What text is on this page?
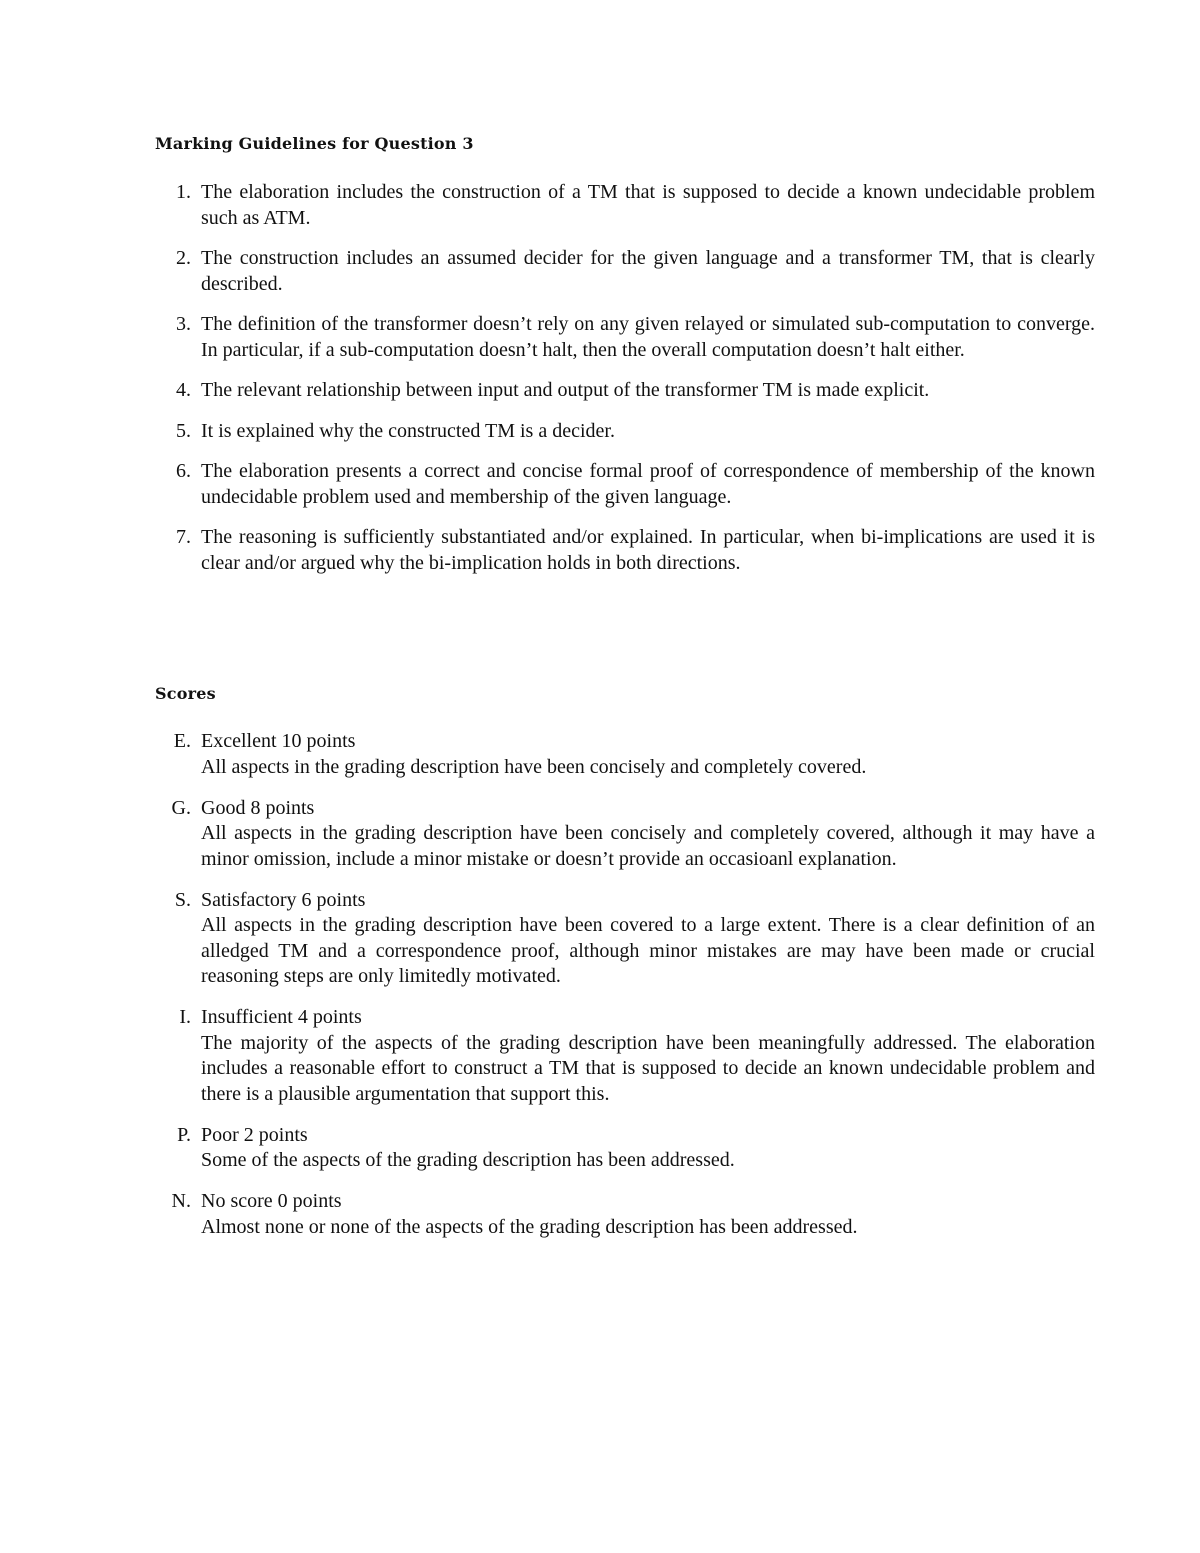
Marking Guidelines for Question 3
1. The elaboration includes the construction of a TM that is supposed to decide a known undecidable problem such as ATM.
2. The construction includes an assumed decider for the given language and a transformer TM, that is clearly described.
3. The definition of the transformer doesn’t rely on any given relayed or simulated sub-computation to converge. In particular, if a sub-computation doesn’t halt, then the overall computation doesn’t halt either.
4. The relevant relationship between input and output of the transformer TM is made explicit.
5. It is explained why the constructed TM is a decider.
6. The elaboration presents a correct and concise formal proof of correspondence of membership of the known undecidable problem used and membership of the given language.
7. The reasoning is sufficiently substantiated and/or explained. In particular, when bi-implications are used it is clear and/or argued why the bi-implication holds in both directions.
Scores
E. Excellent 10 points
All aspects in the grading description have been concisely and completely covered.
G. Good 8 points
All aspects in the grading description have been concisely and completely covered, although it may have a minor omission, include a minor mistake or doesn’t provide an occasioanl explanation.
S. Satisfactory 6 points
All aspects in the grading description have been covered to a large extent. There is a clear definition of an alledged TM and a correspondence proof, although minor mistakes are may have been made or crucial reasoning steps are only limitedly motivated.
I. Insufficient 4 points
The majority of the aspects of the grading description have been meaningfully addressed. The elaboration includes a reasonable effort to construct a TM that is supposed to decide an known undecidable problem and there is a plausible argumentation that support this.
P. Poor 2 points
Some of the aspects of the grading description has been addressed.
N. No score 0 points
Almost none or none of the aspects of the grading description has been addressed.
